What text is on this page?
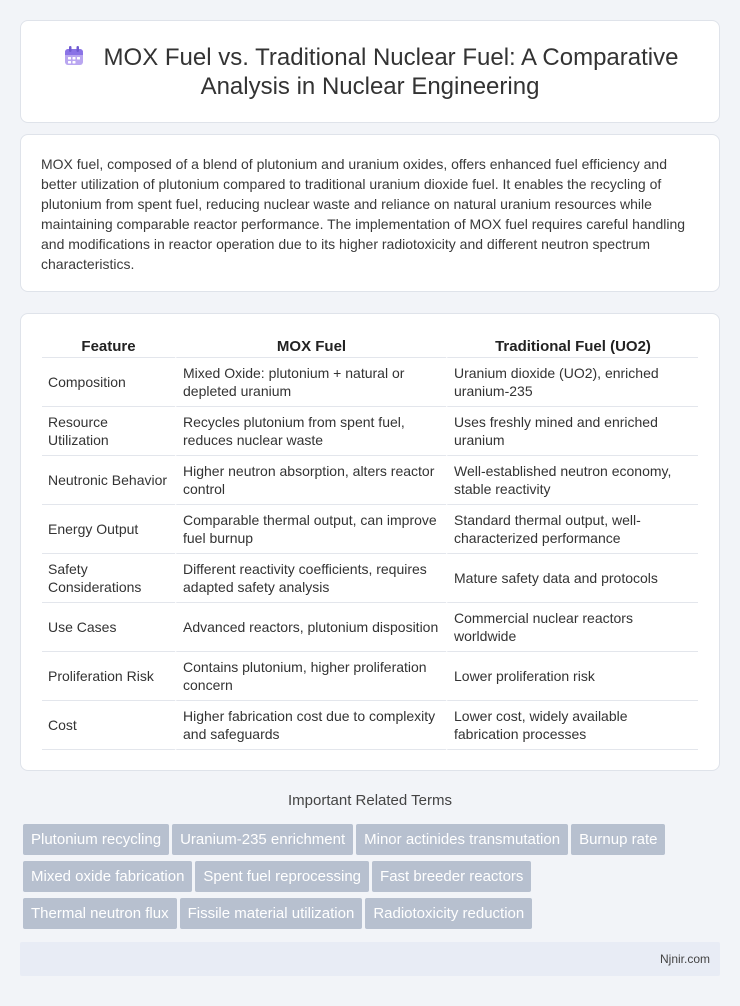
MOX Fuel vs. Traditional Nuclear Fuel: A Comparative Analysis in Nuclear Engineering

MOX fuel, composed of a blend of plutonium and uranium oxides, offers enhanced fuel efficiency and better utilization of plutonium compared to traditional uranium dioxide fuel. It enables the recycling of plutonium from spent fuel, reducing nuclear waste and reliance on natural uranium resources while maintaining comparable reactor performance. The implementation of MOX fuel requires careful handling and modifications in reactor operation due to its higher radiotoxicity and different neutron spectrum characteristics.

Feature	MOX Fuel	Traditional Fuel (UO2)
Composition	Mixed Oxide: plutonium + natural or depleted uranium	Uranium dioxide (UO2), enriched uranium-235
Resource Utilization	Recycles plutonium from spent fuel, reduces nuclear waste	Uses freshly mined and enriched uranium
Neutronic Behavior	Higher neutron absorption, alters reactor control	Well-established neutron economy, stable reactivity
Energy Output	Comparable thermal output, can improve fuel burnup	Standard thermal output, well-characterized performance
Safety Considerations	Different reactivity coefficients, requires adapted safety analysis	Mature safety data and protocols
Use Cases	Advanced reactors, plutonium disposition	Commercial nuclear reactors worldwide
Proliferation Risk	Contains plutonium, higher proliferation concern	Lower proliferation risk
Cost	Higher fabrication cost due to complexity and safeguards	Lower cost, widely available fabrication processes
Important Related Terms
Plutonium recycling Uranium-235 enrichment Minor actinides transmutation Burnup rate
Mixed oxide fabrication Spent fuel reprocessing Fast breeder reactors
Thermal neutron flux Fissile material utilization Radiotoxicity reduction
Njnir.com
